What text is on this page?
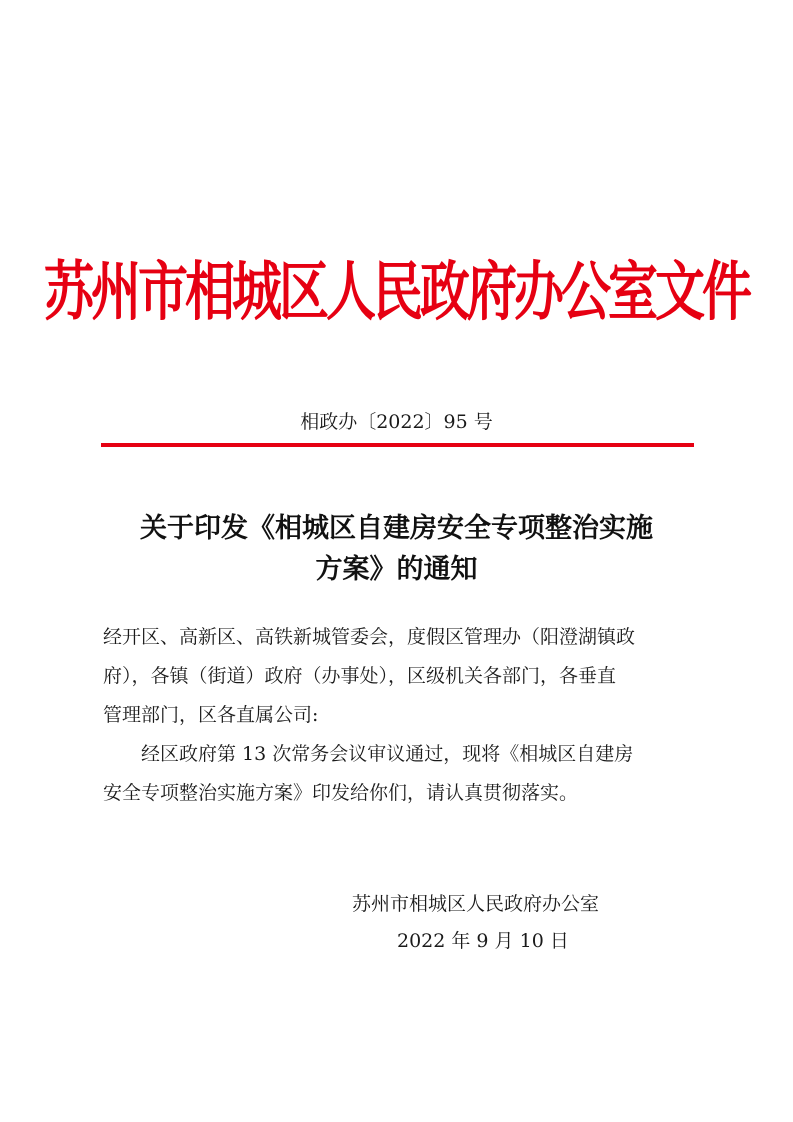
苏州市相城区人民政府办公室文件
相政办〔2022〕95 号
关于印发《相城区自建房安全专项整治实施
方案》的通知
经开区、高新区、高铁新城管委会，度假区管理办（阳澄湖镇政
府），各镇（街道）政府（办事处），区级机关各部门，各垂直
管理部门，区各直属公司:
经区政府第 13 次常务会议审议通过，现将《相城区自建房
安全专项整治实施方案》印发给你们，请认真贯彻落实。
苏州市相城区人民政府办公室
2022 年 9 月 10 日
